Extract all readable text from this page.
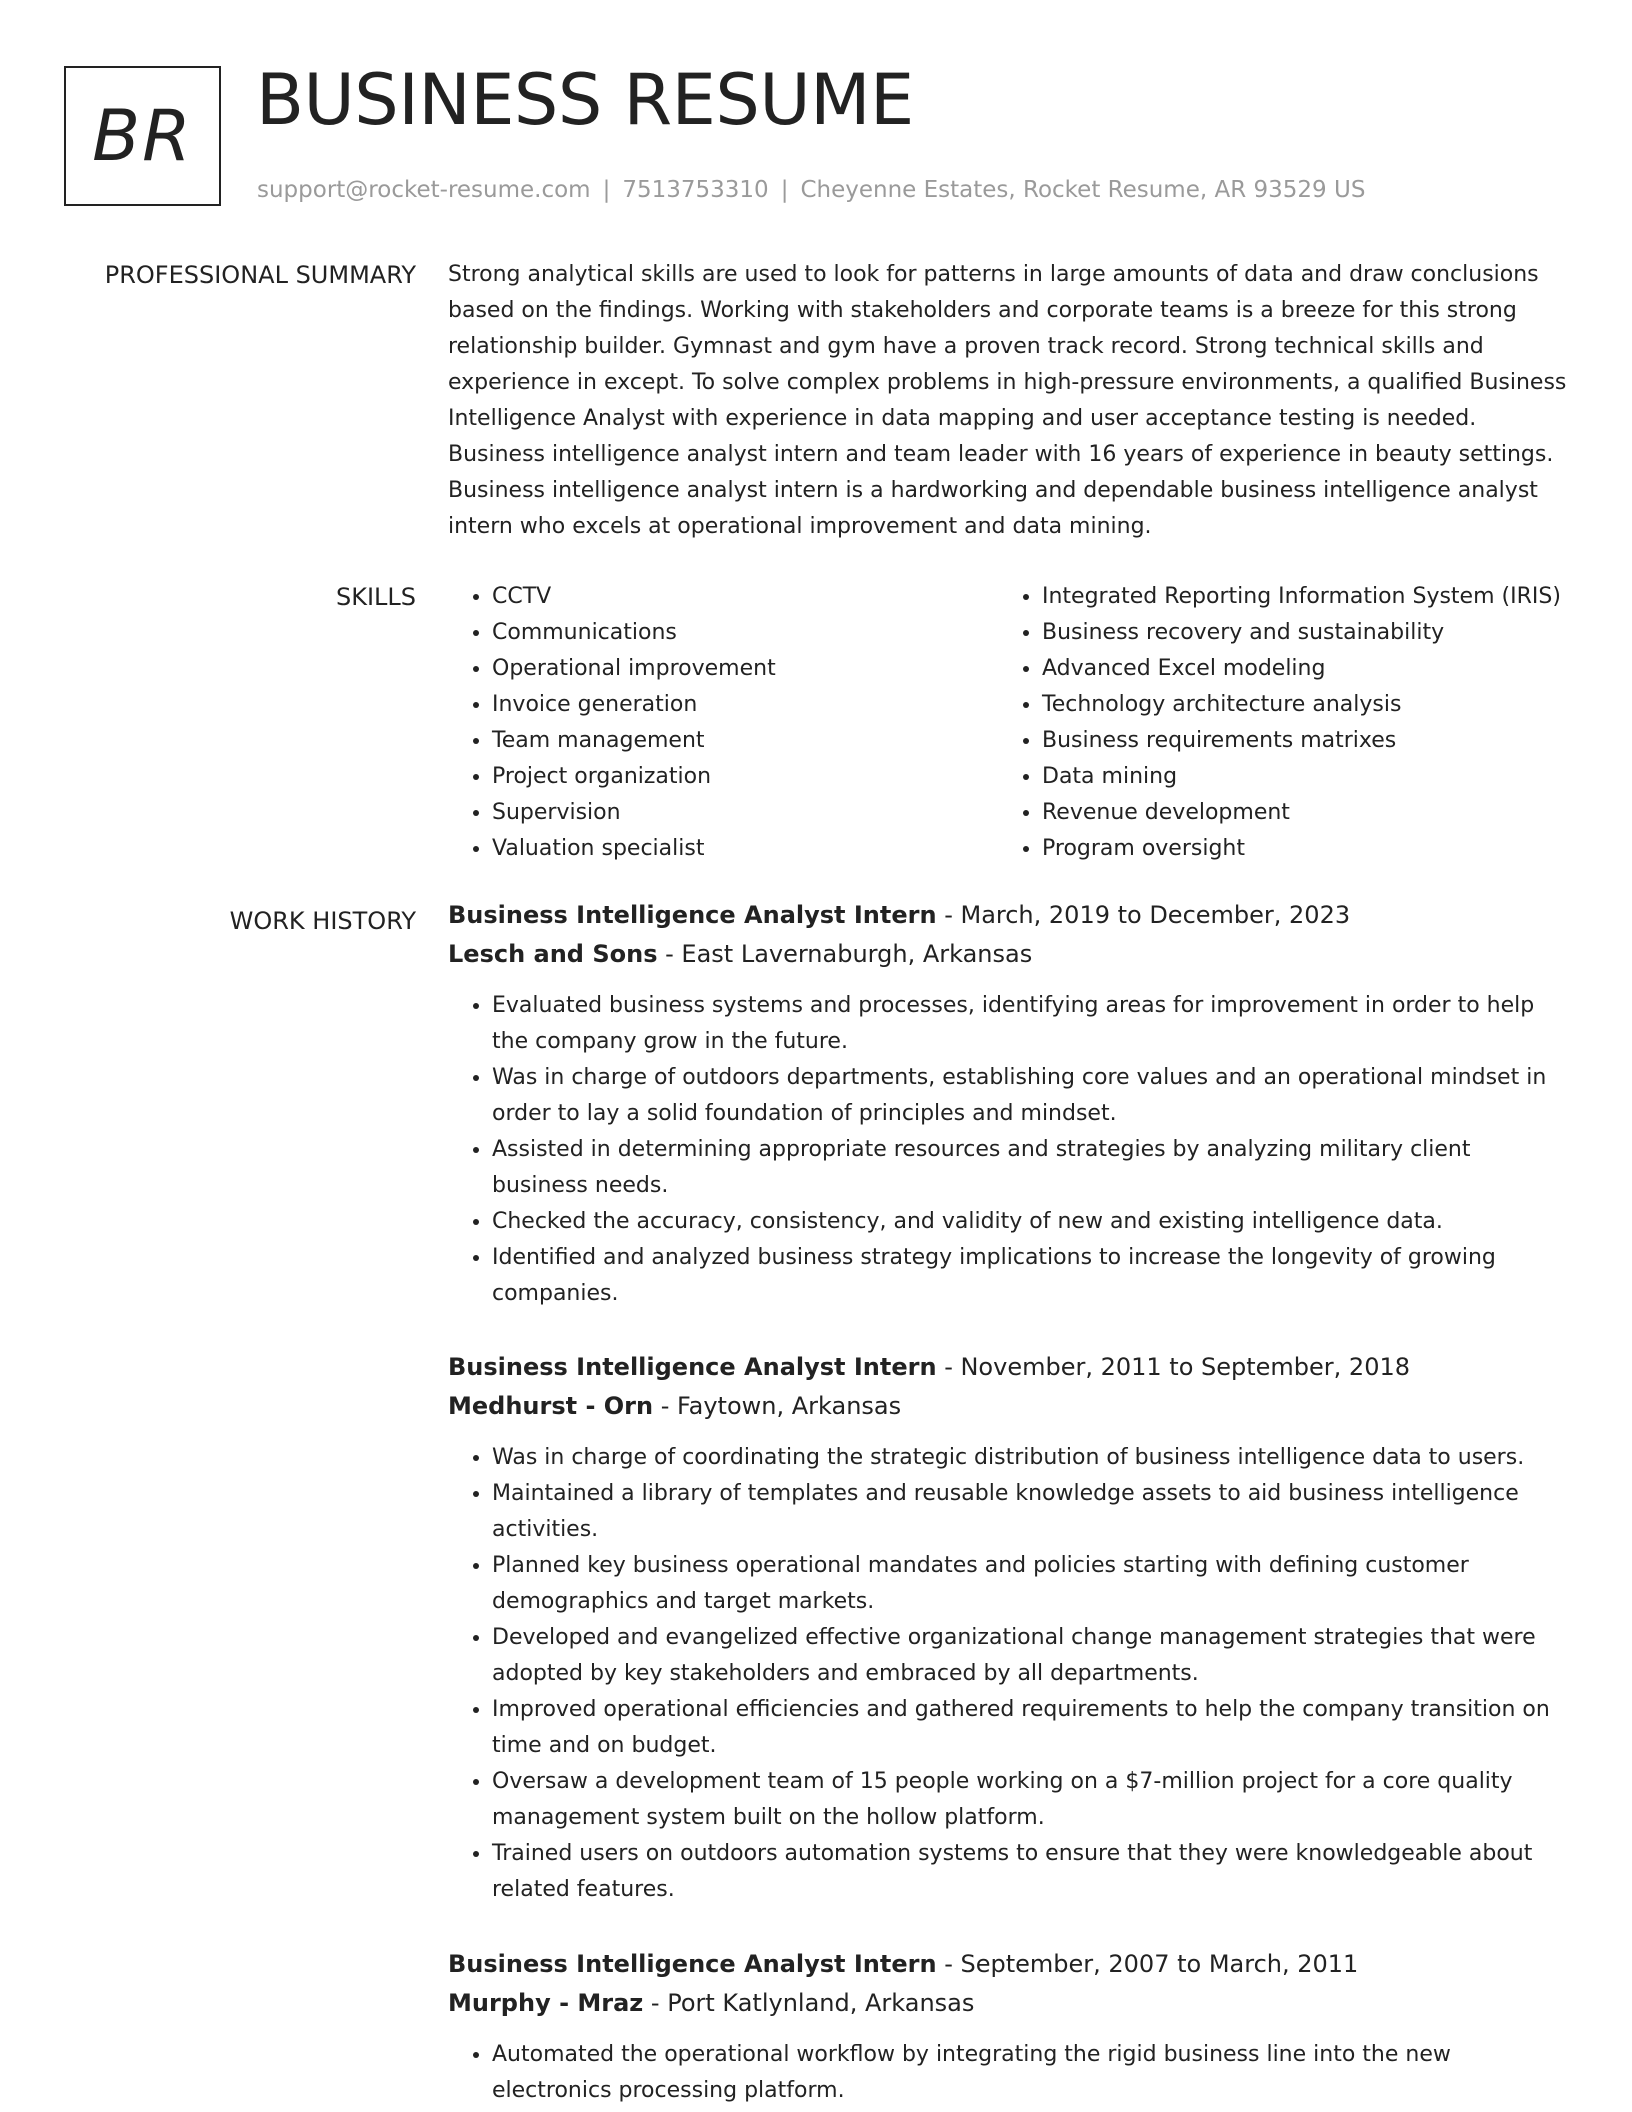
BR BUSINESS RESUME
support@rocket-resume.com | 7513753310 | Cheyenne Estates, Rocket Resume, AR 93529 US
PROFESSIONAL SUMMARY Strong analytical skills are used to look for patterns in large amounts of data and draw conclusions based on the findings. Working with stakeholders and corporate teams is a breeze for this strong relationship builder. Gymnast and gym have a proven track record. Strong technical skills and experience in except. To solve complex problems in high-pressure environments, a qualified Business Intelligence Analyst with experience in data mapping and user acceptance testing is needed. Business intelligence analyst intern and team leader with 16 years of experience in beauty settings. Business intelligence analyst intern is a hardworking and dependable business intelligence analyst intern who excels at operational improvement and data mining.

SKILLS
•	CCTV
• Communications
• Operational improvement
• Invoice generation
• Team management
• Project organization
• Supervision
• Valuation specialist
• Integrated Reporting Information System (IRIS)
• Business recovery and sustainability
• Advanced Excel modeling
• Technology architecture analysis
• Business requirements matrixes
• Data mining
• Revenue development
• Program oversight
WORK HISTORY Business Intelligence Analyst Intern - March, 2019 to December, 2023
Lesch and Sons - East Lavernaburgh, Arkansas
• Evaluated business systems and processes, identifying areas for improvement in order to help the company grow in the future.
• Was in charge of outdoors departments, establishing core values and an operational mindset in order to lay a solid foundation of principles and mindset.
• Assisted in determining appropriate resources and strategies by analyzing military client business needs.
• Checked the accuracy, consistency, and validity of new and existing intelligence data.
• Identified and analyzed business strategy implications to increase the longevity of growing companies.
Business Intelligence Analyst Intern - November, 2011 to September, 2018
Medhurst - Orn - Faytown, Arkansas
• Was in charge of coordinating the strategic distribution of business intelligence data to users.
• Maintained a library of templates and reusable knowledge assets to aid business intelligence activities.
• Planned key business operational mandates and policies starting with defining customer demographics and target markets.
• Developed and evangelized effective organizational change management strategies that were adopted by key stakeholders and embraced by all departments.
• Improved operational efficiencies and gathered requirements to help the company transition on time and on budget.
• Oversaw a development team of 15 people working on a $7-million project for a core quality management system built on the hollow platform.
• Trained users on outdoors automation systems to ensure that they were knowledgeable about related features.
Business Intelligence Analyst Intern - September, 2007 to March, 2011
Murphy - Mraz - Port Katlynland, Arkansas
• Automated the operational workflow by integrating the rigid business line into the new electronics processing platform.
